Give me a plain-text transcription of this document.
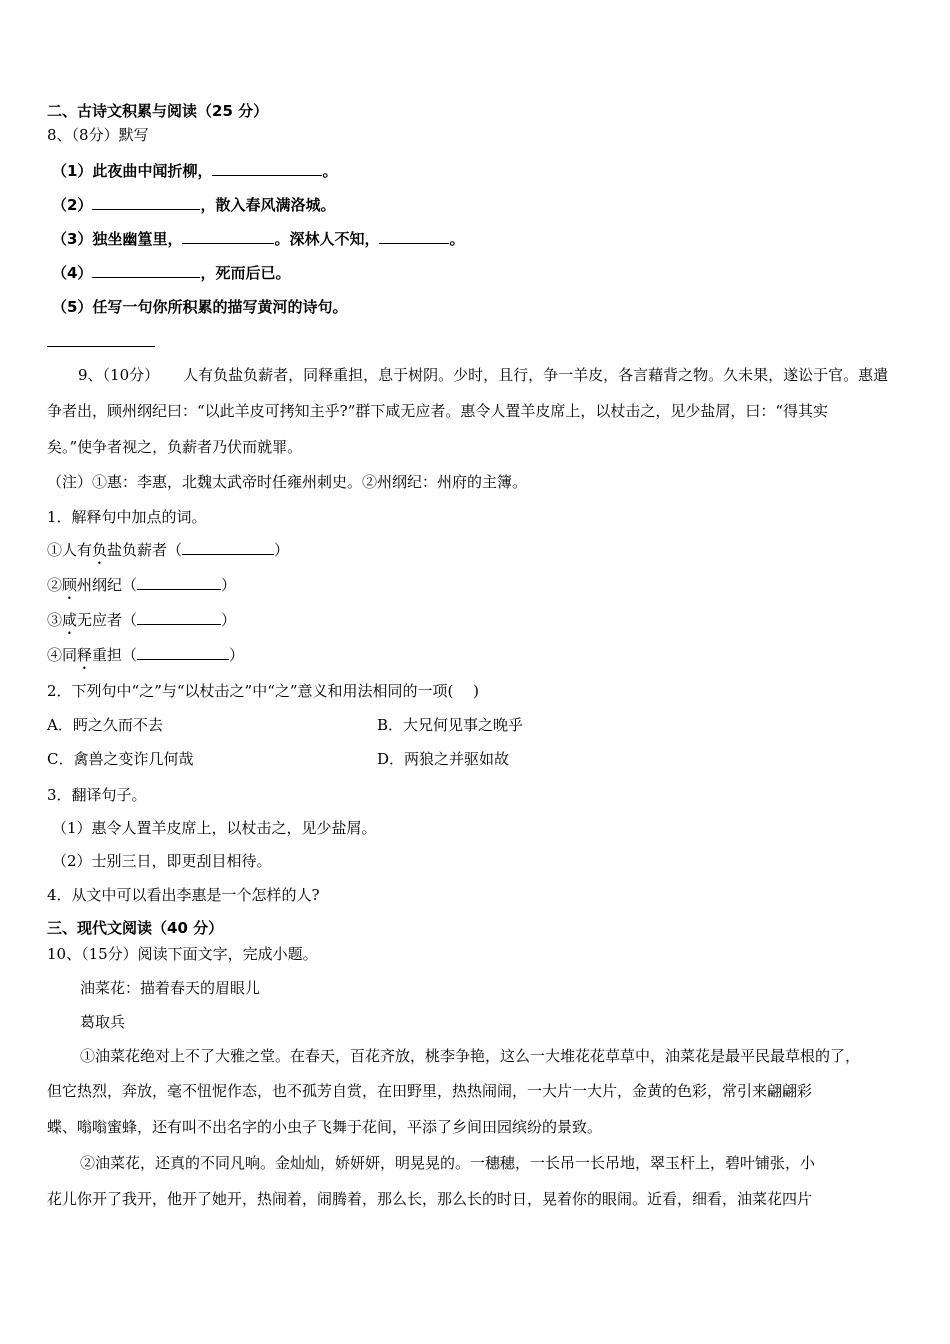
二、古诗文积累与阅读（25 分）
8、（8分）默写
（1）此夜曲中闻折柳，	。
（2）	，散入春风满洛城。
（3）独坐幽篁里，	。深林人不知，	。
（4）	，死而后已。
（5）任写一句你所积累的描写黄河的诗句。
9、（10分） 人有负盐负薪者，同释重担，息于树阴。少时，且行，争一羊皮，各言藉背之物。久未果，遂讼于官。惠遣
争者出，顾州纲纪曰：“以此羊皮可拷知主乎?”群下咸无应者。惠令人置羊皮席上，以杖击之，见少盐屑，曰：“得其实
矣。”使争者视之，负薪者乃伏而就罪。
（注）①惠：李惠，北魏太武帝时任雍州刺史。②州纲纪：州府的主簿。
1．解释句中加点的词。
①人有负盐负薪者（	）
②顾州纲纪（	）
③咸无应者（	）
④同释重担（	）
2．下列句中“之”与“以杖击之”中“之”意义和用法相同的一项(　 )
A．眄之久而不去	B．大兄何见事之晚乎
C．禽兽之变诈几何哉	D．两狼之并驱如故
3．翻译句子。
（1）惠令人置羊皮席上，以杖击之，见少盐屑。
（2）士别三日，即更刮目相待。
4．从文中可以看出李惠是一个怎样的人?
三、现代文阅读（40 分）
10、（15分）阅读下面文字，完成小题。
油菜花：描着春天的眉眼儿
葛取兵
①油菜花绝对上不了大雅之堂。在春天，百花齐放，桃李争艳，这么一大堆花花草草中，油菜花是最平民最草根的了，
但它热烈，奔放，毫不忸怩作态，也不孤芳自赏，在田野里，热热闹闹，一大片一大片，金黄的色彩，常引来翩翩彩
蝶、嗡嗡蜜蜂，还有叫不出名字的小虫子飞舞于花间，平添了乡间田园缤纷的景致。
②油菜花，还真的不同凡响。金灿灿，娇妍妍，明晃晃的。一穗穗，一长吊一长吊地，翠玉杆上，碧叶铺张，小
花儿你开了我开，他开了她开，热闹着，闹腾着，那么长，那么长的时日，晃着你的眼闹。近看，细看，油菜花四片
